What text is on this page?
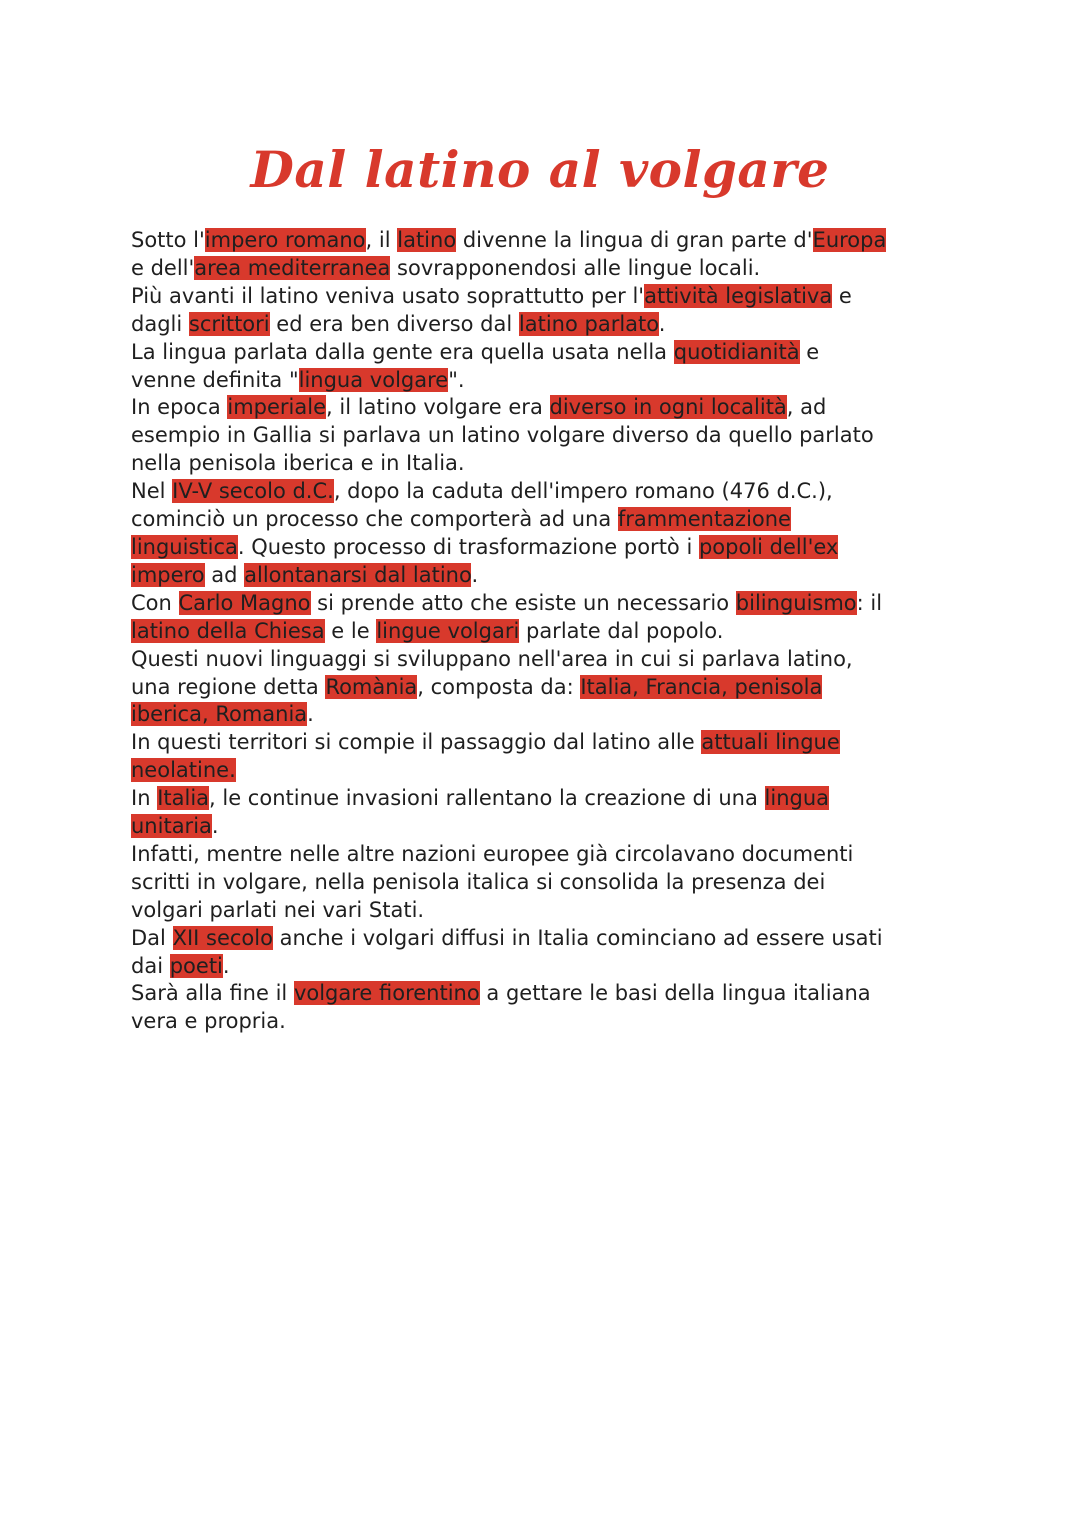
Dal latino al volgare
Sotto l'impero romano, il latino divenne la lingua di gran parte d'Europa
e dell'area mediterranea sovrapponendosi alle lingue locali.
Più avanti il latino veniva usato soprattutto per l'attività legislativa e
dagli scrittori ed era ben diverso dal latino parlato.
La lingua parlata dalla gente era quella usata nella quotidianità e
venne definita "lingua volgare".
In epoca imperiale, il latino volgare era diverso in ogni località, ad
esempio in Gallia si parlava un latino volgare diverso da quello parlato
nella penisola iberica e in Italia.
Nel IV-V secolo d.C., dopo la caduta dell'impero romano (476 d.C.),
cominciò un processo che comporterà ad una frammentazione
linguistica. Questo processo di trasformazione portò i popoli dell'ex
impero ad allontanarsi dal latino.
Con Carlo Magno si prende atto che esiste un necessario bilinguismo: il
latino della Chiesa e le lingue volgari parlate dal popolo.
Questi nuovi linguaggi si sviluppano nell'area in cui si parlava latino,
una regione detta Romània, composta da: Italia, Francia, penisola
iberica, Romania.
In questi territori si compie il passaggio dal latino alle attuali lingue
neolatine.
In Italia, le continue invasioni rallentano la creazione di una lingua
unitaria.
Infatti, mentre nelle altre nazioni europee già circolavano documenti
scritti in volgare, nella penisola italica si consolida la presenza dei
volgari parlati nei vari Stati.
Dal XII secolo anche i volgari diffusi in Italia cominciano ad essere usati
dai poeti.
Sarà alla fine il volgare fiorentino a gettare le basi della lingua italiana
vera e propria.
